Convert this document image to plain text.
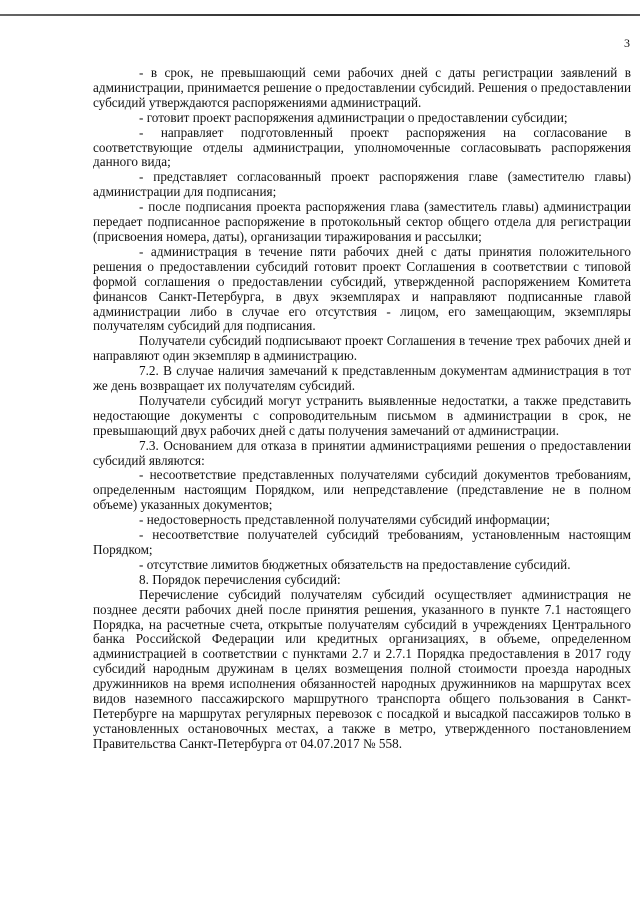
3

- в срок, не превышающий семи рабочих дней с даты регистрации заявлений в администрации, принимается решение о предоставлении субсидий. Решения о предоставлении субсидий утверждаются распоряжениями администраций.

- готовит проект распоряжения администрации о предоставлении субсидии;

- направляет подготовленный проект распоряжения на согласование в соответствующие отделы администрации, уполномоченные согласовывать распоряжения данного вида;

- представляет согласованный проект распоряжения главе (заместителю главы) администрации для подписания;

- после подписания проекта распоряжения глава (заместитель главы) администрации передает подписанное распоряжение в протокольный сектор общего отдела для регистрации (присвоения номера, даты), организации тиражирования и рассылки;

- администрация в течение пяти рабочих дней с даты принятия положительного решения о предоставлении субсидий готовит проект Соглашения в соответствии с типовой формой соглашения о предоставлении субсидий, утвержденной распоряжением Комитета финансов Санкт-Петербурга, в двух экземплярах и направляют подписанные главой администрации либо в случае его отсутствия - лицом, его замещающим, экземпляры получателям субсидий для подписания.

Получатели субсидий подписывают проект Соглашения в течение трех рабочих дней и направляют один экземпляр в администрацию.

7.2. В случае наличия замечаний к представленным документам администрация в тот же день возвращает их получателям субсидий.

Получатели субсидий могут устранить выявленные недостатки, а также представить недостающие документы с сопроводительным письмом в администрации в срок, не превышающий двух рабочих дней с даты получения замечаний от администрации.

7.3. Основанием для отказа в принятии администрациями решения о предоставлении субсидий являются:

- несоответствие представленных получателями субсидий документов требованиям, определенным настоящим Порядком, или непредставление (представление не в полном объеме) указанных документов;

- недостоверность представленной получателями субсидий информации;

- несоответствие получателей субсидий требованиям, установленным настоящим Порядком;

- отсутствие лимитов бюджетных обязательств на предоставление субсидий.

8. Порядок перечисления субсидий:

Перечисление субсидий получателям субсидий осуществляет администрация не позднее десяти рабочих дней после принятия решения, указанного в пункте 7.1 настоящего Порядка, на расчетные счета, открытые получателям субсидий в учреждениях Центрального банка Российской Федерации или кредитных организациях, в объеме, определенном администрацией в соответствии с пунктами 2.7 и 2.7.1 Порядка предоставления в 2017 году субсидий народным дружинам в целях возмещения полной стоимости проезда народных дружинников на время исполнения обязанностей народных дружинников на маршрутах всех видов наземного пассажирского маршрутного транспорта общего пользования в Санкт-Петербурге на маршрутах регулярных перевозок с посадкой и высадкой пассажиров только в установленных остановочных местах, а также в метро, утвержденного постановлением Правительства Санкт-Петербурга от 04.07.2017 № 558.
